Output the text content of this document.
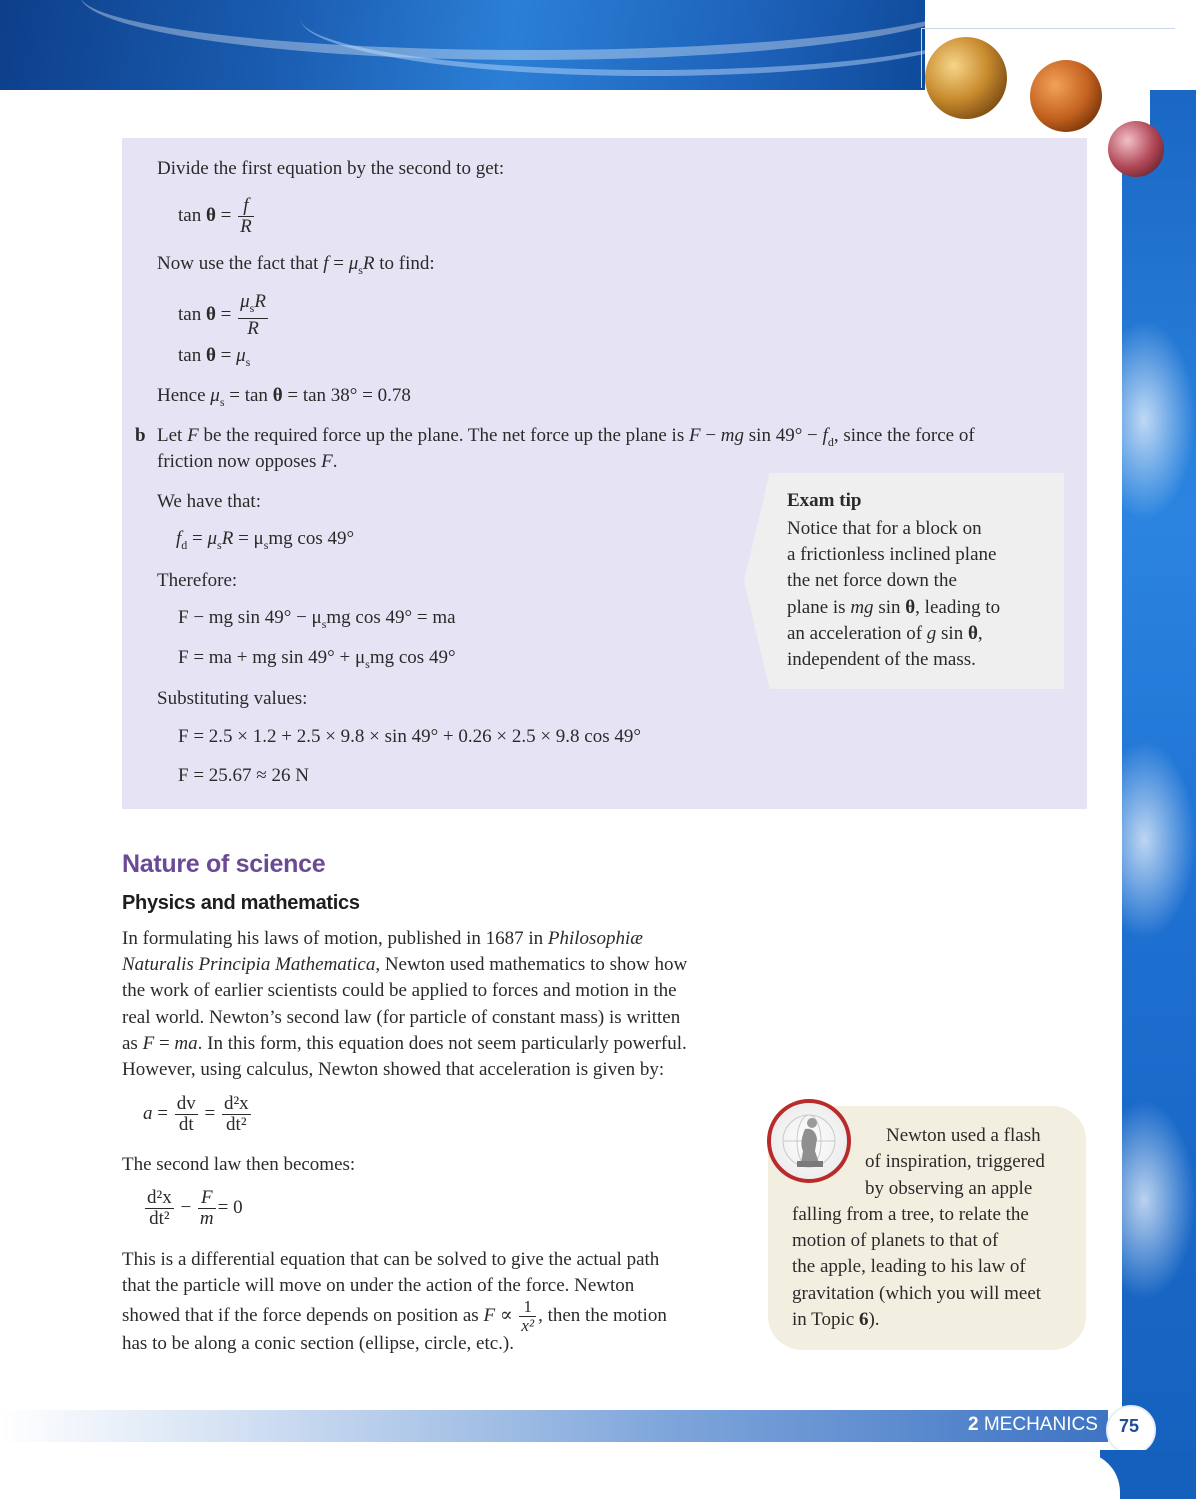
Divide the first equation by the second to get:
$\tan \theta = \frac{f}{R}$
Now use the fact that $f = \mu_sR$ to find:
$\tan \theta = \frac{\mu_sR}{R}$
$\tan \theta = \mu_s$
Hence $\mu_s = \tan \theta = \tan 38^\circ = 0.78$
b Let F be the required force up the plane. The net force up the plane is F − mg $\sin 49^\circ - f_d$, since the force of
friction now opposes F.
We have that:
$f_d = \mu_sR = \mu_smg$ cos 49°
Therefore:
F − mg $\sin 49^\circ - \mu_smg$ cos 49° = ma
F = ma + mg $\sin 49^\circ + \mu_smg$ cos 49°
Substituting values:
F = 2.5 × 1.2 + 2.5 × 9.8 × sin 49° + 0.26 × 2.5 × 9.8 cos 49°
F = 25.67 ≈ 26 N
Exam tip
Notice that for a block on
a frictionless inclined plane
the net force down the
plane is mg sin θ, leading to
an acceleration of g sin θ,
independent of the mass.
Nature of science
Physics and mathematics
In formulating his laws of motion, published in 1687 in Philosophiæ
Naturalis Principia Mathematica, Newton used mathematics to show how
the work of earlier scientists could be applied to forces and motion in the
real world. Newton’s second law (for particle of constant mass) is written
as F = ma. In this form, this equation does not seem particularly powerful.
However, using calculus, Newton showed that acceleration is given by:
$a = \frac{dv}{dt} = \frac{\text{d²x}}{\text{dt²}}$
The second law then becomes:
$\frac{\text{d²x}}{\text{dt²}} - \frac{F}{m} = 0$
This is a differential equation that can be solved to give the actual path
that the particle will move on under the action of the force. Newton
showed that if the force depends on position as $F \propto \frac{1}{\text{x²}}$ , then the motion
has to be along a conic section (ellipse, circle, etc.).
Newton used a flash
of inspiration, triggered
by observing an apple
falling from a tree, to relate the
motion of planets to that of
the apple, leading to his law of
gravitation (which you will meet
in Topic 6).
2 MECHANICS	75
